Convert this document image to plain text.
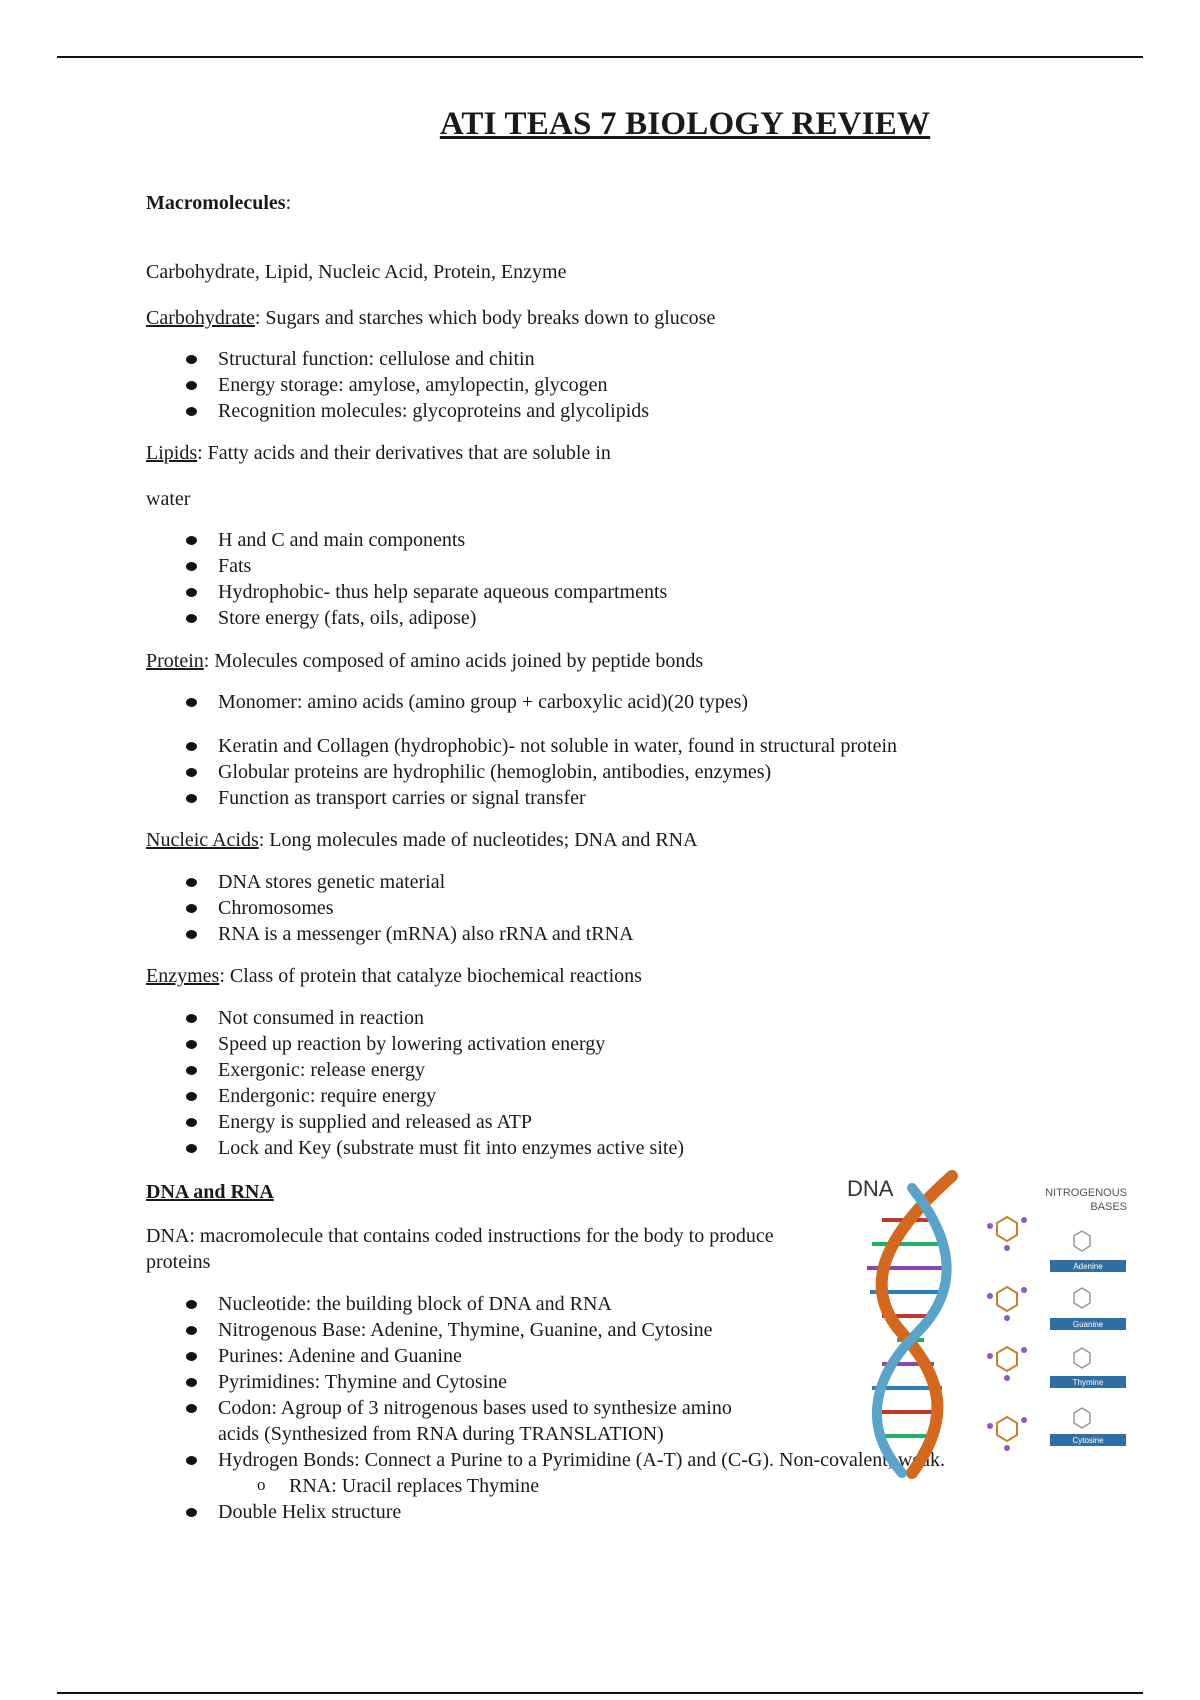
ATI TEAS 7 BIOLOGY REVIEW

Macromolecules:

Carbohydrate, Lipid, Nucleic Acid, Protein, Enzyme

Carbohydrate: Sugars and starches which body breaks down to glucose

Structural function: cellulose and chitin
Energy storage: amylose, amylopectin, glycogen
Recognition molecules: glycoproteins and glycolipids

Lipids: Fatty acids and their derivatives that are soluble in

water

H and C and main components
Fats
Hydrophobic- thus help separate aqueous compartments
Store energy (fats, oils, adipose)

Protein: Molecules composed of amino acids joined by peptide bonds

Monomer: amino acids (amino group + carboxylic acid)(20 types)
Keratin and Collagen (hydrophobic)- not soluble in water, found in structural protein
Globular proteins are hydrophilic (hemoglobin, antibodies, enzymes)
Function as transport carries or signal transfer

Nucleic Acids: Long molecules made of nucleotides; DNA and RNA

DNA stores genetic material
Chromosomes
RNA is a messenger (mRNA) also rRNA and tRNA

Enzymes: Class of protein that catalyze biochemical reactions

Not consumed in reaction
Speed up reaction by lowering activation energy
Exergonic: release energy
Endergonic: require energy
Energy is supplied and released as ATP
Lock and Key (substrate must fit into enzymes active site)

DNA and RNA

DNA: macromolecule that contains coded instructions for the body to produce proteins

Nucleotide: the building block of DNA and RNA
Nitrogenous Base: Adenine, Thymine, Guanine, and Cytosine
Purines: Adenine and Guanine
Pyrimidines: Thymine and Cytosine
Codon: Agroup of 3 nitrogenous bases used to synthesize amino acids (Synthesized from RNA during TRANSLATION)
Hydrogen Bonds: Connect a Purine to a Pyrimidine (A-T) and (C-G). Non-covalent, weak.
o RNA: Uracil replaces Thymine
Double Helix structure
DNA	NITROGENOUS
BASES
Adenine
Guanine
Thymine
Cytosine
